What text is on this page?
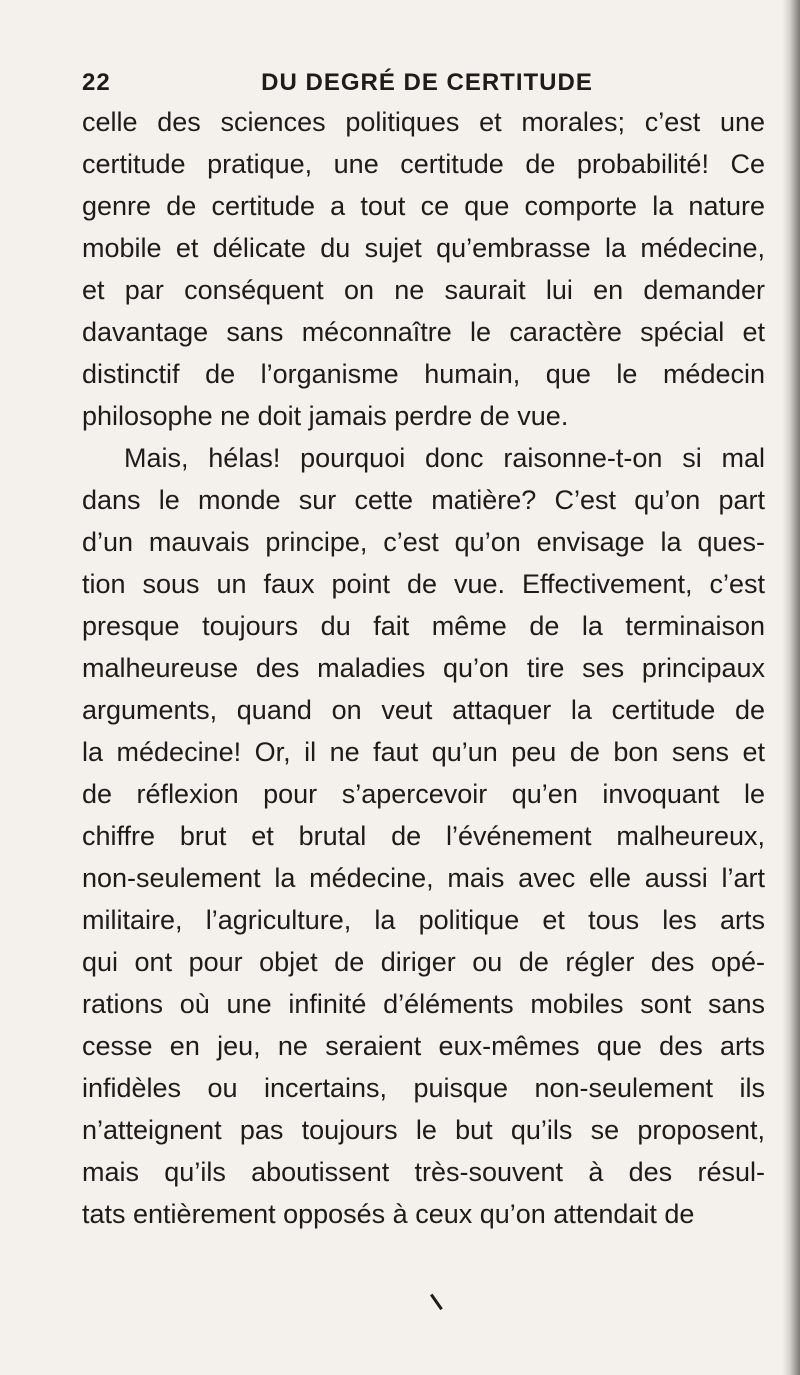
22	DU DEGRÉ DE CERTITUDE
celle des sciences politiques et morales; c’est une
certitude pratique, une certitude de probabilité! Ce
genre de certitude a tout ce que comporte la nature
mobile et délicate du sujet qu’embrasse la médecine,
et par conséquent on ne saurait lui en demander
davantage sans méconnaître le caractère spécial et
distinctif de l’organisme humain, que le médecin
philosophe ne doit jamais perdre de vue.
Mais, hélas! pourquoi donc raisonne-t-on si mal
dans le monde sur cette matière? C’est qu’on part
d’un mauvais principe, c’est qu’on envisage la ques-
tion sous un faux point de vue. Effectivement, c’est
presque toujours du fait même de la terminaison
malheureuse des maladies qu’on tire ses principaux
arguments, quand on veut attaquer la certitude de
la médecine! Or, il ne faut qu’un peu de bon sens et
de réflexion pour s’apercevoir qu’en invoquant le
chiffre brut et brutal de l’événement malheureux,
non-seulement la médecine, mais avec elle aussi l’art
militaire, l’agriculture, la politique et tous les arts
qui ont pour objet de diriger ou de régler des opé-
rations où une infinité d’éléments mobiles sont sans
cesse en jeu, ne seraient eux-mêmes que des arts
infidèles ou incertains, puisque non-seulement ils
n’atteignent pas toujours le but qu’ils se proposent,
mais qu’ils aboutissent très-souvent à des résul-
tats entièrement opposés à ceux qu’on attendait de
